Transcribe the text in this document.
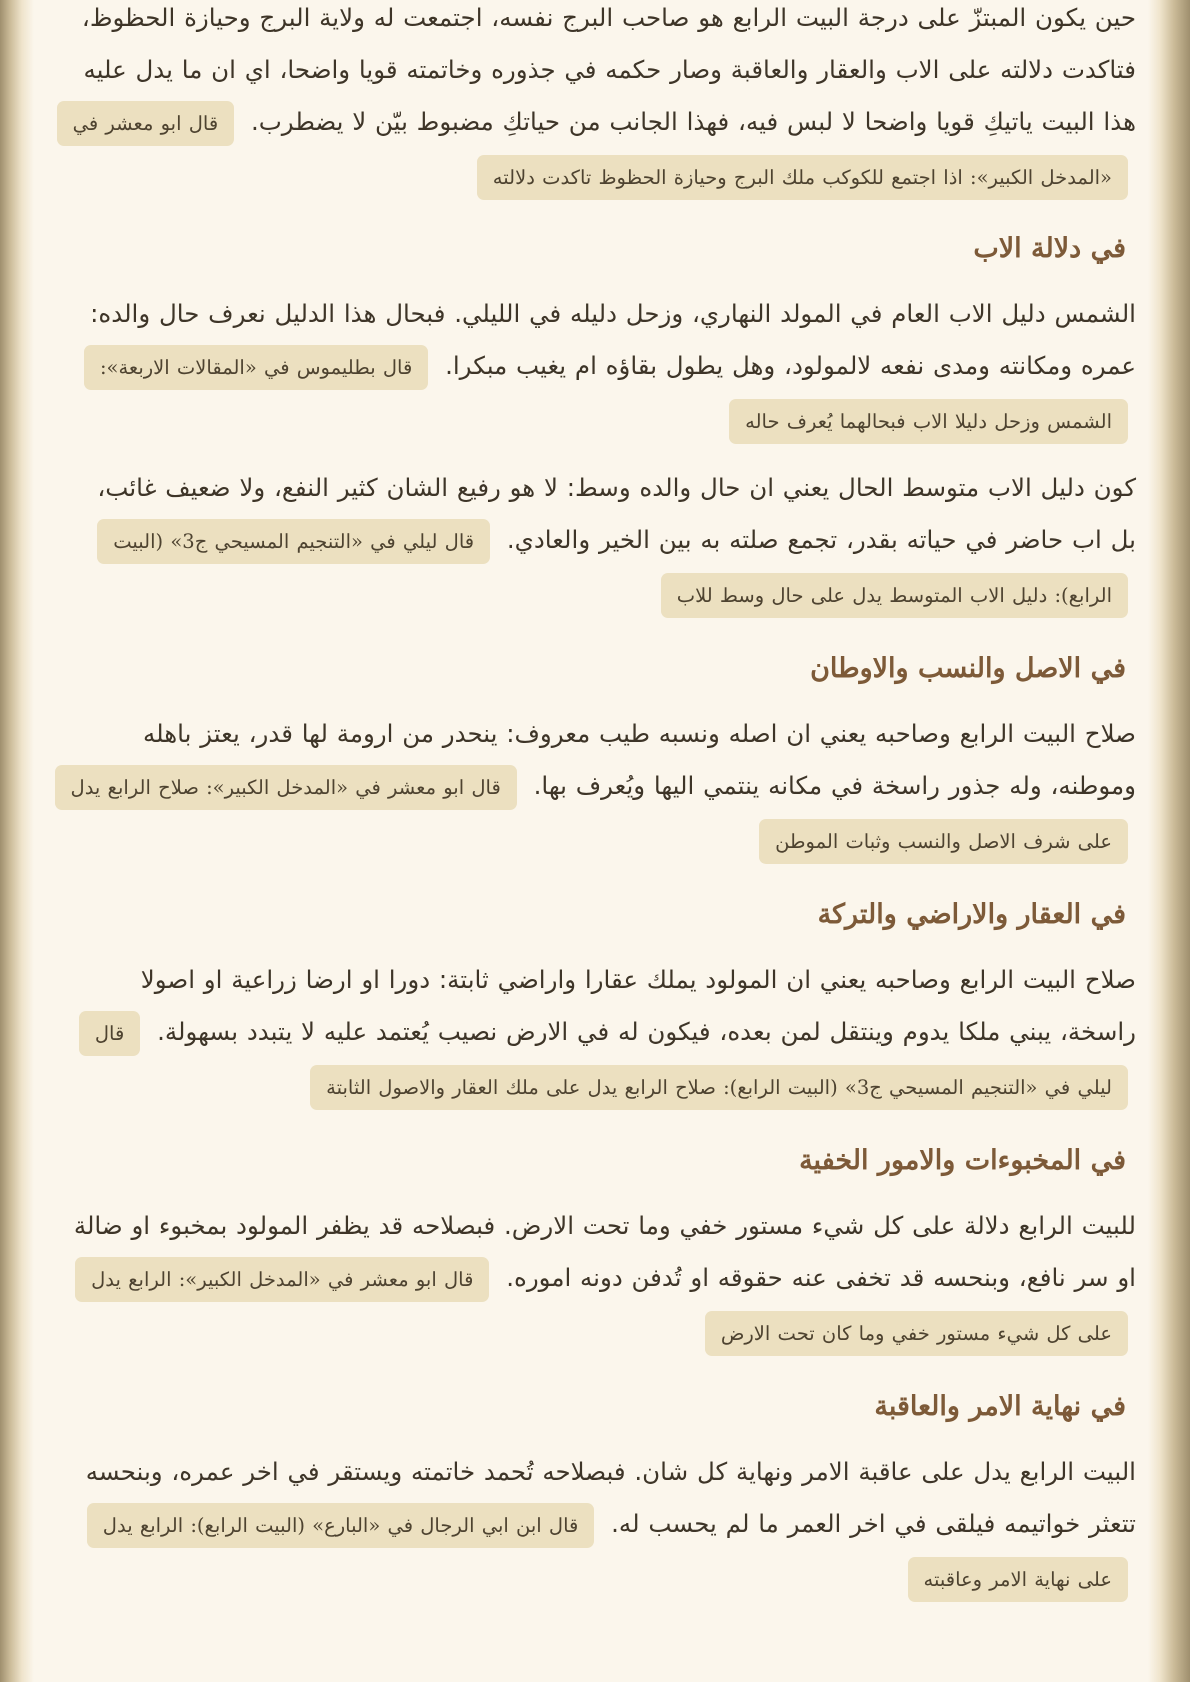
حين يكون المبتزّ على درجة البيت الرابع هو صاحب البرج نفسه، اجتمعت له ولاية البرج وحيازة الحظوظ، فتاكدت دلالته على الاب والعقار والعاقبة وصار حكمه في جذوره وخاتمته قويا واضحا، اي ان ما يدل عليه هذا البيت ياتيكِ قويا واضحا لا لبس فيه، فهذا الجانب من حياتكِ مضبوط بيّن لا يضطرب. قال ابو معشر في «المدخل الكبير»: اذا اجتمع للكوكب ملك البرج وحيازة الحظوظ تاكدت دلالته

في دلالة الاب

الشمس دليل الاب العام في المولد النهاري، وزحل دليله في الليلي. فبحال هذا الدليل نعرف حال والده: عمره ومكانته ومدى نفعه لالمولود، وهل يطول بقاؤه ام يغيب مبكرا. قال بطليموس في «المقالات الاربعة»: الشمس وزحل دليلا الاب فبحالهما يُعرف حاله

كون دليل الاب متوسط الحال يعني ان حال والده وسط: لا هو رفيع الشان كثير النفع، ولا ضعيف غائب، بل اب حاضر في حياته بقدر، تجمع صلته به بين الخير والعادي. قال ليلي في «التنجيم المسيحي ج3» (البيت الرابع): دليل الاب المتوسط يدل على حال وسط للاب

في الاصل والنسب والاوطان

صلاح البيت الرابع وصاحبه يعني ان اصله ونسبه طيب معروف: ينحدر من ارومة لها قدر، يعتز باهله وموطنه، وله جذور راسخة في مكانه ينتمي اليها ويُعرف بها. قال ابو معشر في «المدخل الكبير»: صلاح الرابع يدل على شرف الاصل والنسب وثبات الموطن

في العقار والاراضي والتركة

صلاح البيت الرابع وصاحبه يعني ان المولود يملك عقارا واراضي ثابتة: دورا او ارضا زراعية او اصولا راسخة، يبني ملكا يدوم وينتقل لمن بعده، فيكون له في الارض نصيب يُعتمد عليه لا يتبدد بسهولة. قال ليلي في «التنجيم المسيحي ج3» (البيت الرابع): صلاح الرابع يدل على ملك العقار والاصول الثابتة

في المخبوءات والامور الخفية

للبيت الرابع دلالة على كل شيء مستور خفي وما تحت الارض. فبصلاحه قد يظفر المولود بمخبوء او ضالة او سر نافع، وبنحسه قد تخفى عنه حقوقه او تُدفن دونه اموره. قال ابو معشر في «المدخل الكبير»: الرابع يدل على كل شيء مستور خفي وما كان تحت الارض

في نهاية الامر والعاقبة

البيت الرابع يدل على عاقبة الامر ونهاية كل شان. فبصلاحه تُحمد خاتمته ويستقر في اخر عمره، وبنحسه تتعثر خواتيمه فيلقى في اخر العمر ما لم يحسب له. قال ابن ابي الرجال في «البارع» (البيت الرابع): الرابع يدل على نهاية الامر وعاقبته
